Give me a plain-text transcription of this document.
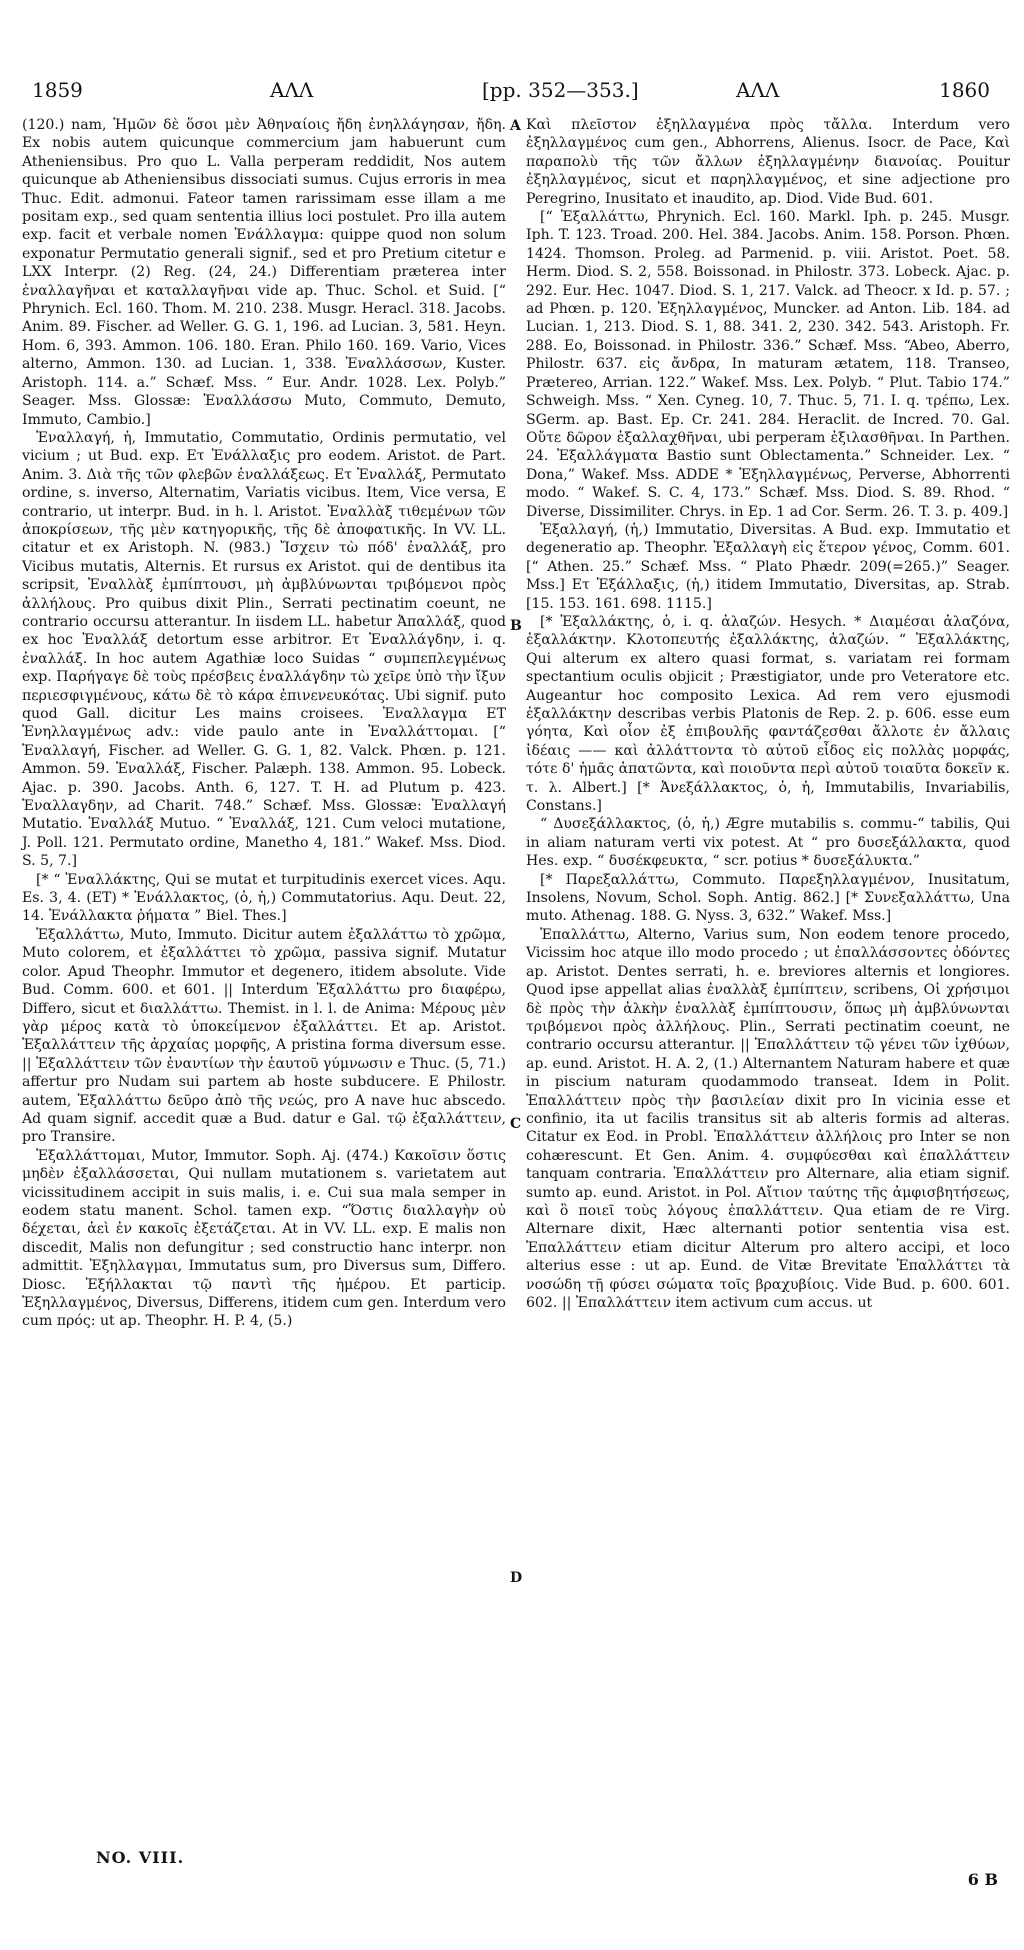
1859	ΑΛΛ	[pp. 352—353.]	ΑΛΛ	1860

(120.) nam, Ἡμῶν δὲ ὅσοι μὲν Ἀθηναίοις ἤδη ἐνηλλάγησαν, ἤδη. Ex nobis autem quicunque commercium jam habuerunt cum Atheniensibus. Pro quo L. Valla perperam reddidit, Nos autem quicunque ab Atheniensibus dissociati sumus. Cujus erroris in mea Thuc. Edit. admonui. Fateor tamen rarissimam esse illam a me positam exp., sed quam sententia illius loci postulet. Pro illa autem exp. facit et verbale nomen Ἐνάλλαγμα: quippe quod non solum exponatur Permutatio generali signif., sed et pro Pretium citetur e LXX Interpr. (2) Reg. (24, 24.) Differentiam præterea inter ἐναλλαγῆναι et καταλλαγῆναι vide ap. Thuc. Schol. et Suid. [“ Phrynich. Ecl. 160. Thom. M. 210. 238. Musgr. Heracl. 318. Jacobs. Anim. 89. Fischer. ad Weller. G. G. 1, 196. ad Lucian. 3, 581. Heyn. Hom. 6, 393. Ammon. 106. 180. Eran. Philo 160. 169. Vario, Vices alterno, Ammon. 130. ad Lucian. 1, 338. Ἐναλλάσσων, Kuster. Aristoph. 114. a.” Schæf. Mss. “ Eur. Andr. 1028. Lex. Polyb.” Seager. Mss. Glossæ: Ἐναλλάσσω Muto, Commuto, Demuto, Immuto, Cambio.]

Ἐναλλαγή, ἡ, Immutatio, Commutatio, Ordinis permutatio, vel vicium ; ut Bud. exp. Ετ Ἐνάλλαξις pro eodem. Aristot. de Part. Anim. 3. Διὰ τῆς τῶν φλεβῶν ἐναλλάξεως. Ετ Ἐναλλάξ, Permutato ordine, s. inverso, Alternatim, Variatis vicibus. Item, Vice versa, E contrario, ut interpr. Bud. in h. l. Aristot. Ἐναλλὰξ τιθεμένων τῶν ἀποκρίσεων, τῆς μὲν κατηγορικῆς, τῆς δὲ ἀποφατικῆς. In VV. LL. citatur et ex Aristoph. N. (983.) Ἴσχειν τὼ πόδ' ἐναλλάξ, pro Vicibus mutatis, Alternis. Et rursus ex Aristot. qui de dentibus ita scripsit, Ἐναλλὰξ ἐμπίπτουσι, μὴ ἀμβλύνωνται τριβόμενοι πρὸς ἀλλήλους. Pro quibus dixit Plin., Serrati pectinatim coeunt, ne contrario occursu atterantur. In iisdem LL. habetur Ἀπαλλάξ, quod ex hoc Ἐναλλάξ detortum esse arbitror. Ετ Ἐναλλάγδην, i. q. ἐναλλάξ. In hoc autem Agathiæ loco Suidas “ συμπεπλεγμένως exp. Παρήγαγε δὲ τοὺς πρέσβεις ἐναλλάγδην τὼ χεῖρε ὑπὸ τὴν ἴξυν περιεσφιγμένους, κάτω δὲ τὸ κάρα ἐπινενευκότας. Ubi signif. puto quod Gall. dicitur Les mains croisees. Ἐναλλαγμα ΕΤ Ἐνηλλαγμένως adv.: vide paulo ante in Ἐναλλάττομαι. [“ Ἐναλλαγή, Fischer. ad Weller. G. G. 1, 82. Valck. Phœn. p. 121. Ammon. 59. Ἐναλλάξ, Fischer. Palæph. 138. Ammon. 95. Lobeck. Ajac. p. 390. Jacobs. Anth. 6, 127. T. H. ad Plutum p. 423. Ἐναλλαγδην, ad Charit. 748.” Schæf. Mss. Glossæ: Ἐναλλαγή Mutatio. Ἐναλλάξ Mutuo. “ Ἐναλλάξ, 121. Cum veloci mutatione, J. Poll. 121. Permutato ordine, Manetho 4, 181.” Wakef. Mss. Diod. S. 5, 7.]

[* “ Ἐναλλάκτης, Qui se mutat et turpitudinis exercet vices. Aqu. Es. 3, 4. (ΕΤ) * Ἐνάλλακτος, (ὁ, ἡ,) Commutatorius. Aqu. Deut. 22, 14. Ἐνάλλακτα ῥήματα ” Biel. Thes.]

Ἐξαλλάττω, Muto, Immuto. Dicitur autem ἐξαλλάττω τὸ χρῶμα, Muto colorem, et ἐξαλλάττει τὸ χρῶμα, passiva signif. Mutatur color. Apud Theophr. Immutor et degenero, itidem absolute. Vide Bud. Comm. 600. et 601. || Interdum Ἐξαλλάττω pro διαφέρω, Differo, sicut et διαλλάττω. Themist. in l. l. de Anima: Μέρους μὲν γὰρ μέρος κατὰ τὸ ὑποκείμενον ἐξαλλάττει. Et ap. Aristot. Ἐξαλλάττειν τῆς ἀρχαίας μορφῆς, A pristina forma diversum esse. || Ἐξαλλάττειν τῶν ἐναντίων τὴν ἑαυτοῦ γύμνωσιν e Thuc. (5, 71.) affertur pro Nudam sui partem ab hoste subducere. E Philostr. autem, Ἐξαλλάττω δεῦρο ἀπὸ τῆς νεώς, pro A nave huc abscedo. Ad quam signif. accedit quæ a Bud. datur e Gal. τῷ ἐξαλλάττειν, pro Transire.

Ἐξαλλάττομαι, Mutor, Immutor. Soph. Aj. (474.) Κακοῖσιν ὅστις μηδὲν ἐξαλλάσσεται, Qui nullam mutationem s. varietatem aut vicissitudinem accipit in suis malis, i. e. Cui sua mala semper in eodem statu manent. Schol. tamen exp. “Ὅστις διαλλαγὴν οὐ δέχεται, ἀεὶ ἐν κακοῖς ἐξετάζεται. At in VV. LL. exp. E malis non discedit, Malis non defungitur ; sed constructio hanc interpr. non admittit. Ἐξηλλαγμαι, Immutatus sum, pro Diversus sum, Differo. Diosc. Ἐξήλλακται τῷ παντὶ τῆς ἡμέρου. Et particip. Ἐξηλλαγμένος, Diversus, Differens, itidem cum gen. Interdum vero cum πρός: ut ap. Theophr. H. P. 4, (5.)

A
B
C
D

Καὶ πλεῖστον ἐξηλλαγμένα πρὸς τἄλλα. Interdum vero ἐξηλλαγμένος cum gen., Abhorrens, Alienus. Isocr. de Pace, Καὶ παραπολὺ τῆς τῶν ἄλλων ἐξηλλαγμένην διανοίας. Pouitur ἐξηλλαγμένος, sicut et παρηλλαγμένος, et sine adjectione pro Peregrino, Inusitato et inaudito, ap. Diod. Vide Bud. 601.

[“ Ἐξαλλάττω, Phrynich. Ecl. 160. Markl. Iph. p. 245. Musgr. Iph. T. 123. Troad. 200. Hel. 384. Jacobs. Anim. 158. Porson. Phœn. 1424. Thomson. Proleg. ad Parmenid. p. viii. Aristot. Poet. 58. Herm. Diod. S. 2, 558. Boissonad. in Philostr. 373. Lobeck. Ajac. p. 292. Eur. Hec. 1047. Diod. S. 1, 217. Valck. ad Theocr. x Id. p. 57. ; ad Phœn. p. 120. Ἐξηλλαγμένος, Muncker. ad Anton. Lib. 184. ad Lucian. 1, 213. Diod. S. 1, 88. 341. 2, 230. 342. 543. Aristoph. Fr. 288. Eo, Boissonad. in Philostr. 336.” Schæf. Mss. “Abeo, Aberro, Philostr. 637. εἰς ἄνδρα, In maturam ætatem, 118. Transeo, Prætereo, Arrian. 122.” Wakef. Mss. Lex. Polyb. “ Plut. Tabio 174.” Schweigh. Mss. “ Xen. Cyneg. 10, 7. Thuc. 5, 71. I. q. τρέπω, Lex. SGerm. ap. Bast. Ep. Cr. 241. 284. Heraclit. de Incred. 70. Gal. Οὔτε δῶρον ἐξαλλαχθῆναι, ubi perperam ἐξιλασθῆναι. In Parthen. 24. Ἐξαλλάγματα Bastio sunt Oblectamenta.” Schneider. Lex. “ Dona,” Wakef. Mss. ADDE * Ἐξηλλαγμένως, Perverse, Abhorrenti modo. “ Wakef. S. C. 4, 173.” Schæf. Mss. Diod. S. 89. Rhod. “ Diverse, Dissimiliter. Chrys. in Ep. 1 ad Cor. Serm. 26. T. 3. p. 409.]

Ἐξαλλαγή, (ἡ,) Immutatio, Diversitas. A Bud. exp. Immutatio et degeneratio ap. Theophr. Ἐξαλλαγὴ εἰς ἕτερον γένος, Comm. 601. [“ Athen. 25.” Schæf. Mss. “ Plato Phædr. 209(=265.)” Seager. Mss.] Ετ Ἐξάλλαξις, (ἡ,) itidem Immutatio, Diversitas, ap. Strab. [15. 153. 161. 698. 1115.]

[* Ἐξαλλάκτης, ὁ, i. q. ἀλαζών. Hesych. * Διαμέσαι ἀλαζόνα, ἐξαλλάκτην. Κλοτοπευτής ἐξαλλάκτης, ἀλαζών. “ Ἐξαλλάκτης, Qui alterum ex altero quasi format, s. variatam rei formam spectantium oculis objicit ; Præstigiator, unde pro Veteratore etc. Augeantur hoc composito Lexica. Ad rem vero ejusmodi ἐξαλλάκτην describas verbis Platonis de Rep. 2. p. 606. esse eum γόητα, Καὶ οἷον ἐξ ἐπιβουλῆς φαντάζεσθαι ἄλλοτε ἐν ἄλλαις ἰδέαις —— καὶ ἀλλάττοντα τὸ αὐτοῦ εἶδος εἰς πολλὰς μορφάς, τότε δ' ἡμᾶς ἀπατῶντα, καὶ ποιοῦντα περὶ αὐτοῦ τοιαῦτα δοκεῖν κ. τ. λ. Albert.] [* Ἀνεξάλλακτος, ὁ, ἡ, Immutabilis, Invariabilis, Constans.]

“ Δυσεξάλλακτος, (ὁ, ἡ,) Ægre mutabilis s. commu-“ tabilis, Qui in aliam naturam verti vix potest. At “ pro δυσεξάλλακτα, quod Hes. exp. “ δυσέκφευκτα, “ scr. potius * δυσεξάλυκτα.”

[* Παρεξαλλάττω, Commuto. Παρεξηλλαγμένον, Inusitatum, Insolens, Novum, Schol. Soph. Antig. 862.] [* Συνεξαλλάττω, Una muto. Athenag. 188. G. Nyss. 3, 632.” Wakef. Mss.]

Ἐπαλλάττω, Alterno, Varius sum, Non eodem tenore procedo, Vicissim hoc atque illo modo procedo ; ut ἐπαλλάσσοντες ὀδόντες ap. Aristot. Dentes serrati, h. e. breviores alternis et longiores. Quod ipse appellat alias ἐναλλὰξ ἐμπίπτειν, scribens, Οἱ χρήσιμοι δὲ πρὸς τὴν ἀλκὴν ἐναλλὰξ ἐμπίπτουσιν, ὅπως μὴ ἀμβλύνωνται τριβόμενοι πρὸς ἀλλήλους. Plin., Serrati pectinatim coeunt, ne contrario occursu atterantur. || Ἐπαλλάττειν τῷ γένει τῶν ἰχθύων, ap. eund. Aristot. H. A. 2, (1.) Alternantem Naturam habere et quæ in piscium naturam quodammodo transeat. Idem in Polit. Ἐπαλλάττειν πρὸς τὴν βασιλείαν dixit pro In vicinia esse et confinio, ita ut facilis transitus sit ab alteris formis ad alteras. Citatur ex Eod. in Probl. Ἐπαλλάττειν ἀλλήλοις pro Inter se non cohærescunt. Et Gen. Anim. 4. συμφύεσθαι καὶ ἐπαλλάττειν tanquam contraria. Ἐπαλλάττειν pro Alternare, alia etiam signif. sumto ap. eund. Aristot. in Pol. Αἴτιον ταύτης τῆς ἀμφισβητήσεως, καὶ ὃ ποιεῖ τοὺς λόγους ἐπαλλάττειν. Qua etiam de re Virg. Alternare dixit, Hæc alternanti potior sententia visa est. Ἐπαλλάττειν etiam dicitur Alterum pro altero accipi, et loco alterius esse : ut ap. Eund. de Vitæ Brevitate Ἐπαλλάττει τὰ νοσώδη τῇ φύσει σώματα τοῖς βραχυβίοις. Vide Bud. p. 600. 601. 602. || Ἐπαλλάττειν item activum cum accus. ut

NO. VIII.
6 B
